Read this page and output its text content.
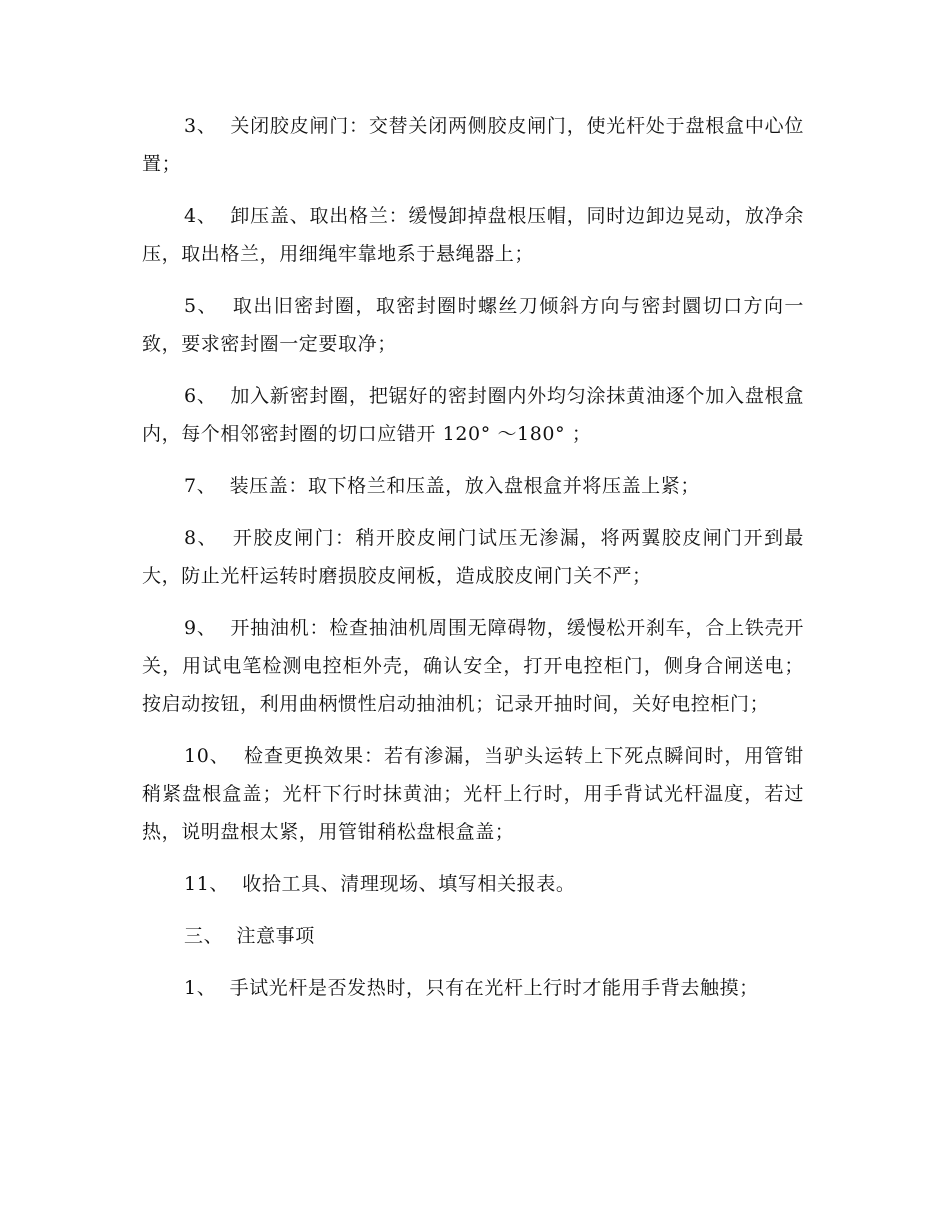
3、 关闭胶皮闸门：交替关闭两侧胶皮闸门，使光杆处于盘根盒中心位置；

4、 卸压盖、取出格兰：缓慢卸掉盘根压帽，同时边卸边晃动，放净余压，取出格兰，用细绳牢靠地系于悬绳器上；

5、 取出旧密封圈，取密封圈时螺丝刀倾斜方向与密封圜切口方向一致，要求密封圈一定要取净；

6、 加入新密封圈，把锯好的密封圈内外均匀涂抹黄油逐个加入盘根盒内，每个相邻密封圈的切口应错开 120° ～180° ；

7、 装压盖：取下格兰和压盖，放入盘根盒并将压盖上紧；

8、 开胶皮闸门：稍开胶皮闸门试压无渗漏，将两翼胶皮闸门开到最大，防止光杆运转时磨损胶皮闸板，造成胶皮闸门关不严；

9、 开抽油机：检查抽油机周围无障碍物，缓慢松开刹车，合上铁壳开关，用试电笔检测电控柜外壳，确认安全，打开电控柜门，侧身合闸送电；按启动按钮，利用曲柄惯性启动抽油机；记录开抽时间，关好电控柜门；

10、 检查更换效果：若有渗漏，当驴头运转上下死点瞬间时，用管钳稍紧盘根盒盖；光杆下行时抹黄油；光杆上行时，用手背试光杆温度，若过热，说明盘根太紧，用管钳稍松盘根盒盖；

11、 收拾工具、清理现场、填写相关报表。

三、 注意事项

1、 手试光杆是否发热时，只有在光杆上行时才能用手背去触摸；
